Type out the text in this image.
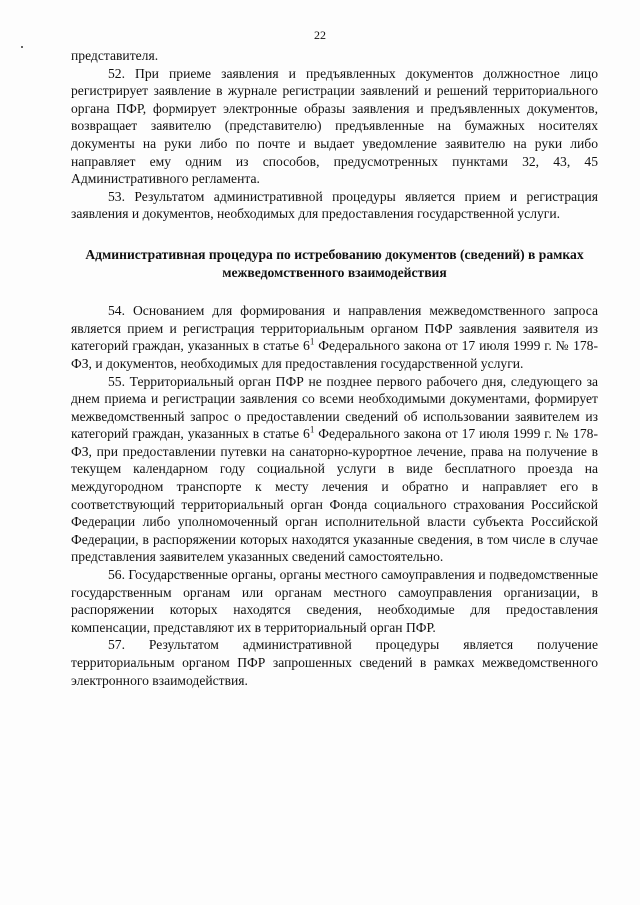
22

представителя.

52. При приеме заявления и предъявленных документов должностное лицо регистрирует заявление в журнале регистрации заявлений и решений территориального органа ПФР, формирует электронные образы заявления и предъявленных документов, возвращает заявителю (представителю) предъявленные на бумажных носителях документы на руки либо по почте и выдает уведомление заявителю на руки либо направляет ему одним из способов, предусмотренных пунктами 32, 43, 45 Административного регламента.

53. Результатом административной процедуры является прием и регистрация заявления и документов, необходимых для предоставления государственной услуги.

Административная процедура по истребованию документов (сведений) в рамках межведомственного взаимодействия

54. Основанием для формирования и направления межведомственного запроса является прием и регистрация территориальным органом ПФР заявления заявителя из категорий граждан, указанных в статье $6^1$ Федерального закона от 17 июля 1999 г. № 178-ФЗ, и документов, необходимых для предоставления государственной услуги.

55. Территориальный орган ПФР не позднее первого рабочего дня, следующего за днем приема и регистрации заявления со всеми необходимыми документами, формирует межведомственный запрос о предоставлении сведений об использовании заявителем из категорий граждан, указанных в статье $6^1$ Федерального закона от 17 июля 1999 г. № 178-ФЗ, при предоставлении путевки на санаторно-курортное лечение, права на получение в текущем календарном году социальной услуги в виде бесплатного проезда на междугородном транспорте к месту лечения и обратно и направляет его в соответствующий территориальный орган Фонда социального страхования Российской Федерации либо уполномоченный орган исполнительной власти субъекта Российской Федерации, в распоряжении которых находятся указанные сведения, в том числе в случае представления заявителем указанных сведений самостоятельно.

56. Государственные органы, органы местного самоуправления и подведомственные государственным органам или органам местного самоуправления организации, в распоряжении которых находятся сведения, необходимые для предоставления компенсации, представляют их в территориальный орган ПФР.

57. Результатом административной процедуры является получение территориальным органом ПФР запрошенных сведений в рамках межведомственного электронного взаимодействия.
